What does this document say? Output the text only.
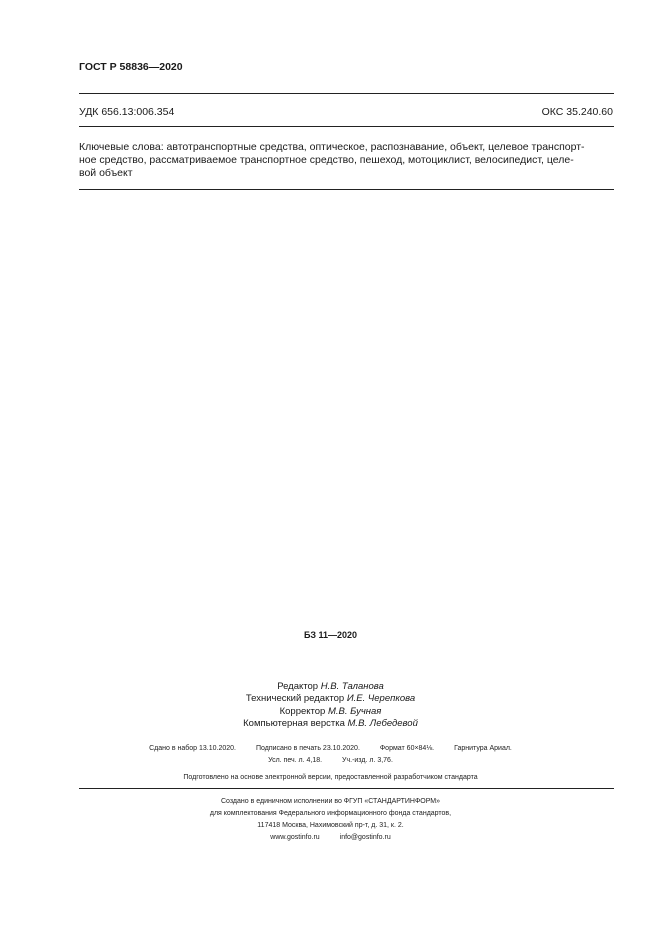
ГОСТ Р 58836—2020
УДК 656.13:006.354	ОКС 35.240.60
Ключевые слова: автотранспортные средства, оптическое, распознавание, объект, целевое транспорт-
ное средство, рассматриваемое транспортное средство, пешеход, мотоциклист, велосипедист, целе-
вой объект
БЗ 11—2020
Редактор Н.В. Таланова
Технический редактор И.Е. Черепкова
Корректор М.В. Бучная
Компьютерная верстка М.В. Лебедевой
Сдано в набор 13.10.2020.	Подписано в печать 23.10.2020.	Формат 60×84⅛.	Гарнитура Ариал.
Усл. печ. л. 4,18.	Уч.-изд. л. 3,76.
Подготовлено на основе электронной версии, предоставленной разработчиком стандарта
Создано в единичном исполнении во ФГУП «СТАНДАРТИНФОРМ»
для комплектования Федерального информационного фонда стандартов,
117418 Москва, Нахимовский пр-т, д. 31, к. 2.
www.gostinfo.ru	info@gostinfo.ru
